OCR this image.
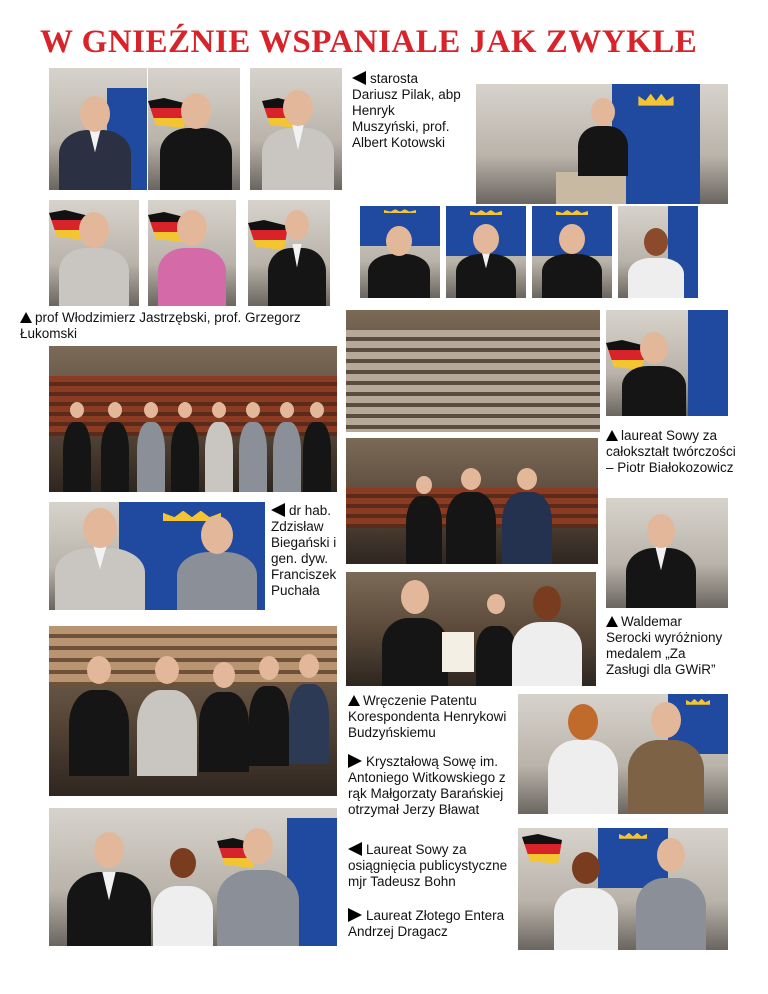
W GNIEŹNIE WSPANIALE JAK ZWYKLE
starosta Dariusz Pilak, abp Henryk Muszyński, prof. Albert Kotowski
prof Włodzimierz Jastrzębski, prof. Grzegorz Łukomski
laureat Sowy za całokształt twórczości – Piotr Białokozowicz
dr hab. Zdzisław Biegański i gen. dyw. Franciszek Puchała
Waldemar Serocki wyróżniony medalem „Za Zasługi dla GWiR”
Wręczenie Patentu Korespondenta Henrykowi Budzyńskiemu
Kryształową Sowę im. Antoniego Witkowskiego z rąk Małgorzaty Barańskiej otrzymał Jerzy Bławat
Laureat Sowy za osiągnięcia publicystyczne mjr Tadeusz Bohn
Laureat Złotego Entera Andrzej Dragacz
